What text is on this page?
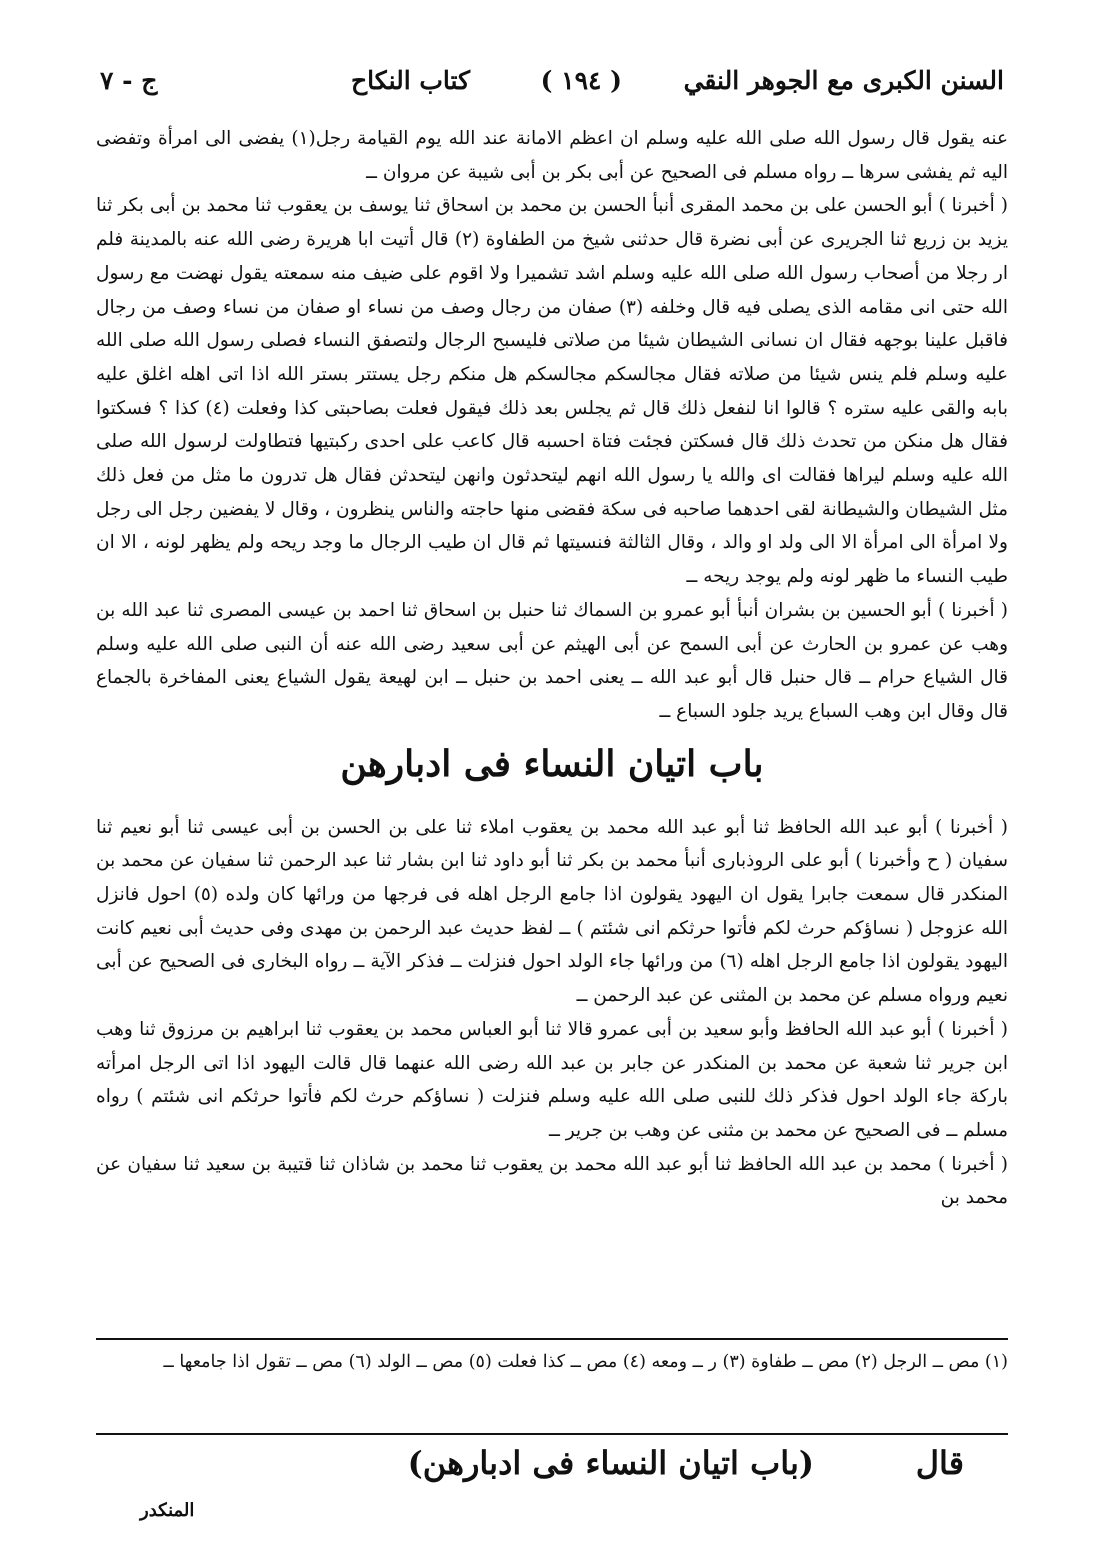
السنن الكبرى مع الجوهر النقي
( ١٩٤ )
كتاب النكاح
ج - ٧

عنه يقول قال رسول الله صلى الله عليه وسلم ان اعظم الامانة عند الله يوم القيامة رجل(١) يفضى الى امرأة وتفضى اليه ثم يفشى سرها ــ رواه مسلم فى الصحيح عن أبى بكر بن أبى شيبة عن مروان ــ

( أخبرنا ) أبو الحسن على بن محمد المقرى أنبأ الحسن بن محمد بن اسحاق ثنا يوسف بن يعقوب ثنا محمد بن أبى بكر ثنا يزيد بن زريع ثنا الجريرى عن أبى نضرة قال حدثنى شيخ من الطفاوة (٢) قال أتيت ابا هريرة رضى الله عنه بالمدينة فلم ار رجلا من أصحاب رسول الله صلى الله عليه وسلم اشد تشميرا ولا اقوم على ضيف منه سمعته يقول نهضت مع رسول الله حتى انى مقامه الذى يصلى فيه قال وخلفه (٣) صفان من رجال وصف من نساء او صفان من نساء وصف من رجال فاقبل علينا بوجهه فقال ان نسانى الشيطان شيئا من صلاتى فليسبح الرجال ولتصفق النساء فصلى رسول الله صلى الله عليه وسلم فلم ينس شيئا من صلاته فقال مجالسكم مجالسكم هل منكم رجل يستتر بستر الله اذا اتى اهله اغلق عليه بابه والقى عليه ستره ؟ قالوا انا لنفعل ذلك قال ثم يجلس بعد ذلك فيقول فعلت بصاحبتى كذا وفعلت (٤) كذا ؟ فسكتوا فقال هل منكن من تحدث ذلك قال فسكتن فجئت فتاة احسبه قال كاعب على احدى ركبتيها فتطاولت لرسول الله صلى الله عليه وسلم ليراها فقالت اى والله يا رسول الله انهم ليتحدثون وانهن ليتحدثن فقال هل تدرون ما مثل من فعل ذلك مثل الشيطان والشيطانة لقى احدهما صاحبه فى سكة فقضى منها حاجته والناس ينظرون ، وقال لا يفضين رجل الى رجل ولا امرأة الى امرأة الا الى ولد او والد ، وقال الثالثة فنسيتها ثم قال ان طيب الرجال ما وجد ريحه ولم يظهر لونه ، الا ان طيب النساء ما ظهر لونه ولم يوجد ريحه ــ

( أخبرنا ) أبو الحسين بن بشران أنبأ أبو عمرو بن السماك ثنا حنبل بن اسحاق ثنا احمد بن عيسى المصرى ثنا عبد الله بن وهب عن عمرو بن الحارث عن أبى السمح عن أبى الهيثم عن أبى سعيد رضى الله عنه أن النبى صلى الله عليه وسلم قال الشياع حرام ــ قال حنبل قال أبو عبد الله ــ يعنى احمد بن حنبل ــ ابن لهيعة يقول الشياع يعنى المفاخرة بالجماع قال وقال ابن وهب السباع يريد جلود السباع ــ

باب اتيان النساء فى ادبارهن

( أخبرنا ) أبو عبد الله الحافظ ثنا أبو عبد الله محمد بن يعقوب املاء ثنا على بن الحسن بن أبى عيسى ثنا أبو نعيم ثنا سفيان ( ح وأخبرنا ) أبو على الروذبارى أنبأ محمد بن بكر ثنا أبو داود ثنا ابن بشار ثنا عبد الرحمن ثنا سفيان عن محمد بن المنكدر قال سمعت جابرا يقول ان اليهود يقولون اذا جامع الرجل اهله فى فرجها من ورائها كان ولده (٥) احول فانزل الله عزوجل ( نساؤكم حرث لكم فأتوا حرثكم انى شئتم ) ــ لفظ حديث عبد الرحمن بن مهدى وفى حديث أبى نعيم كانت اليهود يقولون اذا جامع الرجل اهله (٦) من ورائها جاء الولد احول فنزلت ــ فذكر الآية ــ رواه البخارى فى الصحيح عن أبى نعيم ورواه مسلم عن محمد بن المثنى عن عبد الرحمن ــ

( أخبرنا ) أبو عبد الله الحافظ وأبو سعيد بن أبى عمرو قالا ثنا أبو العباس محمد بن يعقوب ثنا ابراهيم بن مرزوق ثنا وهب ابن جرير ثنا شعبة عن محمد بن المنكدر عن جابر بن عبد الله رضى الله عنهما قال قالت اليهود اذا اتى الرجل امرأته باركة جاء الولد احول فذكر ذلك للنبى صلى الله عليه وسلم فنزلت ( نساؤكم حرث لكم فأتوا حرثكم انى شئتم ) رواه مسلم ــ فى الصحيح عن محمد بن مثنى عن وهب بن جرير ــ

( أخبرنا ) محمد بن عبد الله الحافظ ثنا أبو عبد الله محمد بن يعقوب ثنا محمد بن شاذان ثنا قتيبة بن سعيد ثنا سفيان عن محمد بن

(١) مص ــ الرجل (٢) مص ــ طفاوة (٣) ر ــ ومعه (٤) مص ــ كذا فعلت (٥) مص ــ الولد (٦) مص ــ تقول اذا جامعها ــ
قال
(باب اتيان النساء فى ادبارهن)
المنكدر
